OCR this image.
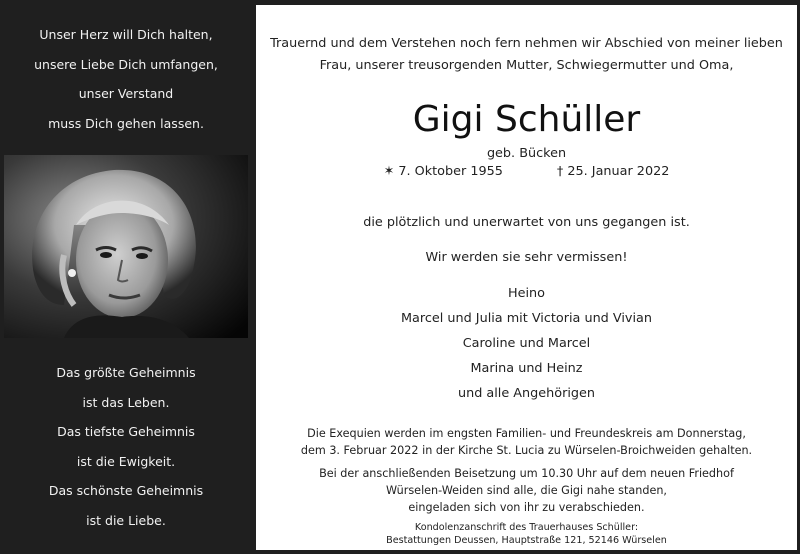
Unser Herz will Dich halten,
unsere Liebe Dich umfangen,
unser Verstand
muss Dich gehen lassen.
Das größte Geheimnis
ist das Leben.
Das tiefste Geheimnis
ist die Ewigkeit.
Das schönste Geheimnis
ist die Liebe.
Trauernd und dem Verstehen noch fern nehmen wir Abschied von meiner lieben
Frau, unserer treusorgenden Mutter, Schwiegermutter und Oma,
Gigi Schüller
geb. Bücken
✶ 7. Oktober 1955	† 25. Januar 2022
die plötzlich und unerwartet von uns gegangen ist.
Wir werden sie sehr vermissen!
Heino
Marcel und Julia mit Victoria und Vivian
Caroline und Marcel
Marina und Heinz
und alle Angehörigen
Die Exequien werden im engsten Familien- und Freundeskreis am Donnerstag,
dem 3. Februar 2022 in der Kirche St. Lucia zu Würselen-Broichweiden gehalten.
Bei der anschließenden Beisetzung um 10.30 Uhr auf dem neuen Friedhof
Würselen-Weiden sind alle, die Gigi nahe standen,
eingeladen sich von ihr zu verabschieden.
Kondolenzanschrift des Trauerhauses Schüller:
Bestattungen Deussen, Hauptstraße 121, 52146 Würselen
